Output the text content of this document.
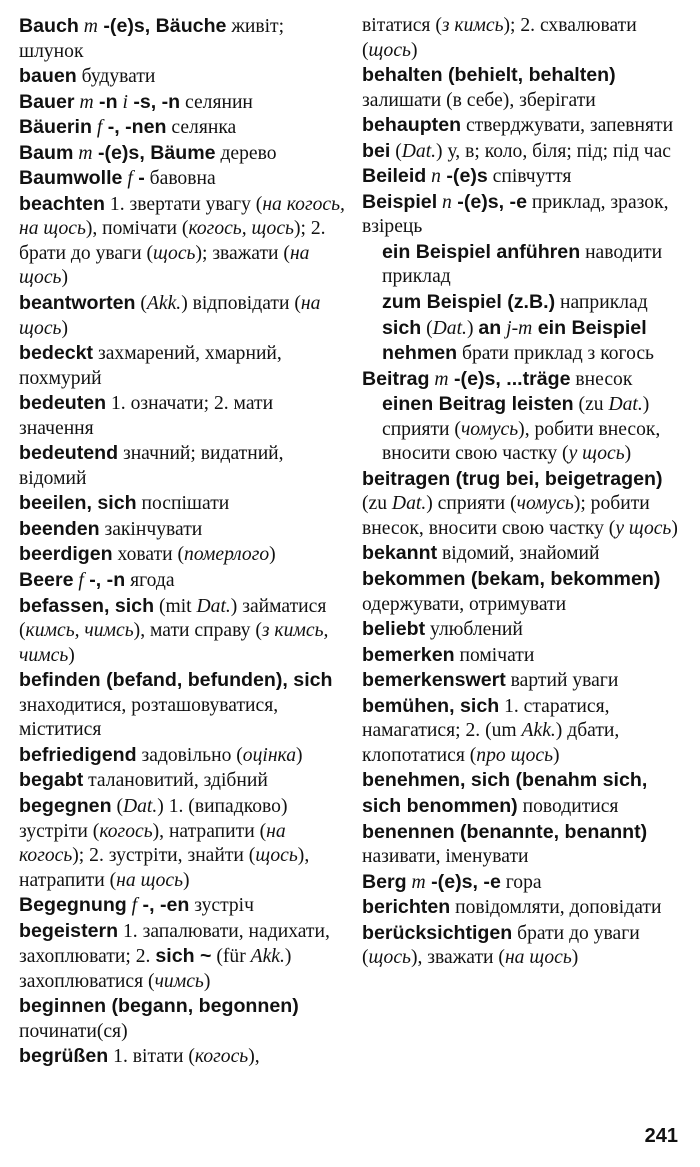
Bauch m -(e)s, Bäuche живіт; шлунок

bauen будувати

Bauer m -n i -s, -n селянин

Bäuerin f -, -nen селянка

Baum m -(e)s, Bäume дерево

Baumwolle f - бавовна

beachten 1. звертати увагу (на когось, на щось), помічати (когось, щось); 2. брати до уваги (щось); зважати (на щось)

beantworten (Akk.) відповідати (на щось)

bedeckt захмарений, хмарний, похмурий

bedeuten 1. означати; 2. мати значення

bedeutend значний; видатний, відомий

beeilen, sich поспішати

beenden закінчувати

beerdigen ховати (померлого)

Beere f -, -n ягода

befassen, sich (mit Dat.) займатися (кимсь, чимсь), мати справу (з кимсь, чимсь)

befinden (befand, befunden), sich знаходитися, розташовуватися, міститися

befriedigend задовільно (оцінка)

begabt талановитий, здібний

begegnen (Dat.) 1. (випадково) зустріти (когось), натрапити (на когось); 2. зустріти, знайти (щось), натрапити (на щось)

Begegnung f -, -en зустріч

begeistern 1. запалювати, надихати, захоплювати; 2. sich ~ (für Akk.) захоплюватися (чимсь)

beginnen (begann, begonnen) починати(ся)

begrüßen 1. вітати (когось),

вітатися (з кимсь); 2. схвалювати (щось)

behalten (behielt, behalten) залишати (в себе), зберігати

behaupten стверджувати, запевняти

bei (Dat.) у, в; коло, біля; під; під час

Beileid n -(e)s співчуття

Beispiel n -(e)s, -e приклад, зразок, взірець

ein Beispiel anführen наводити приклад

zum Beispiel (z.B.) наприклад

sich (Dat.) an j-m ein Beispiel nehmen брати приклад з когось

Beitrag m -(e)s, ...träge внесок

einen Beitrag leisten (zu Dat.) сприяти (чомусь), робити внесок, вносити свою частку (у щось)

beitragen (trug bei, beigetragen) (zu Dat.) сприяти (чомусь); робити внесок, вносити свою частку (у щось)

bekannt відомий, знайомий

bekommen (bekam, bekommen) одержувати, отримувати

beliebt улюблений

bemerken помічати

bemerkenswert вартий уваги

bemühen, sich 1. старатися, намагатися; 2. (um Akk.) дбати, клопотатися (про щось)

benehmen, sich (benahm sich, sich benommen) поводитися

benennen (benannte, benannt) називати, іменувати

Berg m -(e)s, -e гора

berichten повідомляти, доповідати

berücksichtigen брати до уваги (щось), зважати (на щось)

241
